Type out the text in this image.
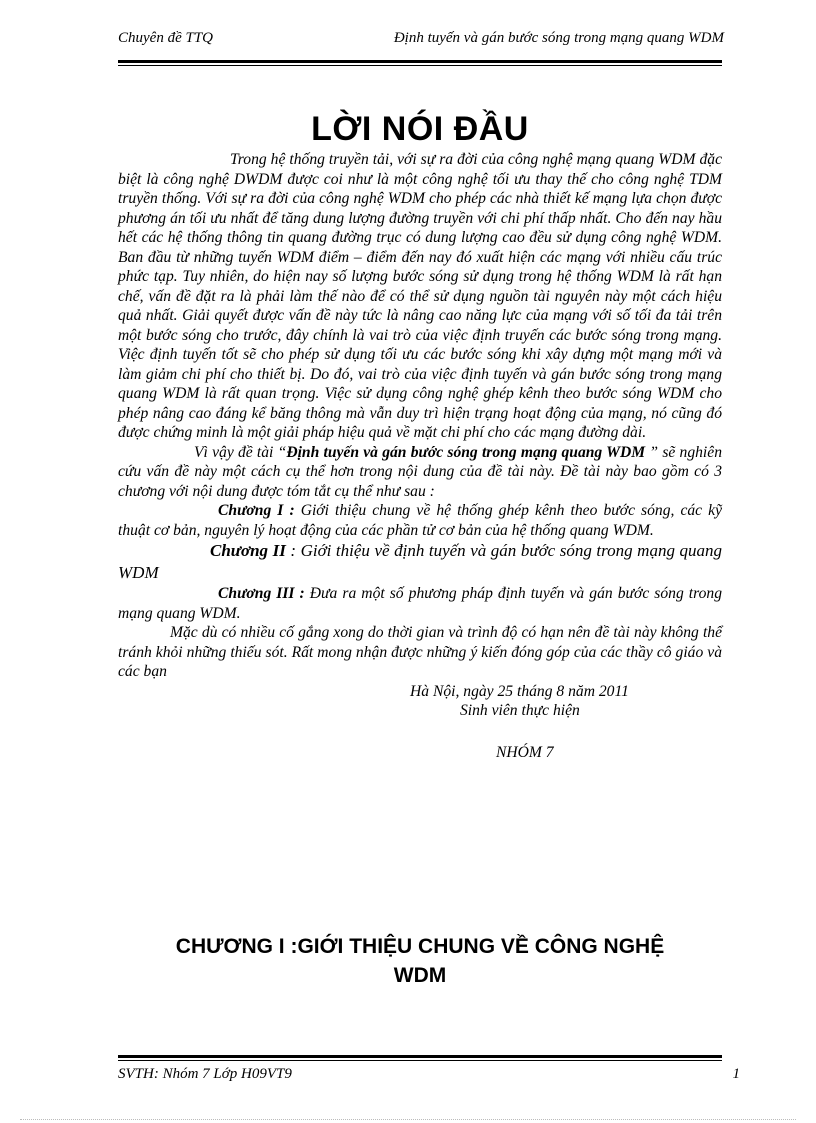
Chuyên đề TTQ	Định tuyến và gán bước sóng trong mạng quang WDM
LỜI NÓI ĐẦU

Trong hệ thống truyền tải, với sự ra đời của công nghệ mạng quang WDM đặc biệt là công nghệ DWDM được coi như là một công nghệ tối ưu thay thế cho công nghệ TDM truyền thống. Với sự ra đời của công nghệ WDM cho phép các nhà thiết kế mạng lựa chọn được phương án tối ưu nhất để tăng dung lượng đường truyền với chi phí thấp nhất. Cho đến nay hầu hết các hệ thống thông tin quang đường trục có dung lượng cao đều sử dụng công nghệ WDM. Ban đầu từ những tuyến WDM điểm – điểm đến nay đó xuất hiện các mạng với nhiều cấu trúc phức tạp. Tuy nhiên, do hiện nay số lượng bước sóng sử dụng trong hệ thống WDM là rất hạn chế, vấn đề đặt ra là phải làm thế nào để có thể sử dụng nguồn tài nguyên này một cách hiệu quả nhất. Giải quyết được vấn đề này tức là nâng cao năng lực của mạng với số tối đa tải trên một bước sóng cho trước, đây chính là vai trò của việc định truyến các bước sóng trong mạng. Việc định tuyến tốt sẽ cho phép sử dụng tối ưu các bước sóng khi xây dựng một mạng mới và làm giảm chi phí cho thiết bị. Do đó, vai trò của việc định tuyến và gán bước sóng trong mạng quang WDM là rất quan trọng. Việc sử dụng công nghệ ghép kênh theo bước sóng WDM cho phép nâng cao đáng kể băng thông mà vẫn duy trì hiện trạng hoạt động của mạng, nó cũng đó được chứng minh là một giải pháp hiệu quả về mặt chi phí cho các mạng đường dài.

Vì vậy đề tài “Định tuyến và gán bước sóng trong mạng quang WDM ” sẽ nghiên cứu vấn đề này một cách cụ thể hơn trong nội dung của đề tài này. Đề tài này bao gồm có 3 chương với nội dung được tóm tắt cụ thể như sau :

Chương I : Giới thiệu chung về hệ thống ghép kênh theo bước sóng, các kỹ thuật cơ bản, nguyên lý hoạt động của các phần tử cơ bản của hệ thống quang WDM.

Chương II : Giới thiệu về định tuyến và gán bước sóng trong mạng quang WDM

Chương III : Đưa ra một số phương pháp định tuyến và gán bước sóng trong mạng quang WDM.

Mặc dù có nhiều cố gắng xong do thời gian và trình độ có hạn nên đề tài này không thể tránh khỏi những thiếu sót. Rất mong nhận được những ý kiến đóng góp của các thầy cô giáo và các bạn

Hà Nội, ngày 25 tháng 8 năm 2011

Sinh viên thực hiện

NHÓM 7

CHƯƠNG I :GIỚI THIỆU CHUNG VỀ CÔNG NGHỆ
WDM
SVTH: Nhóm 7 Lớp H09VT9	1
